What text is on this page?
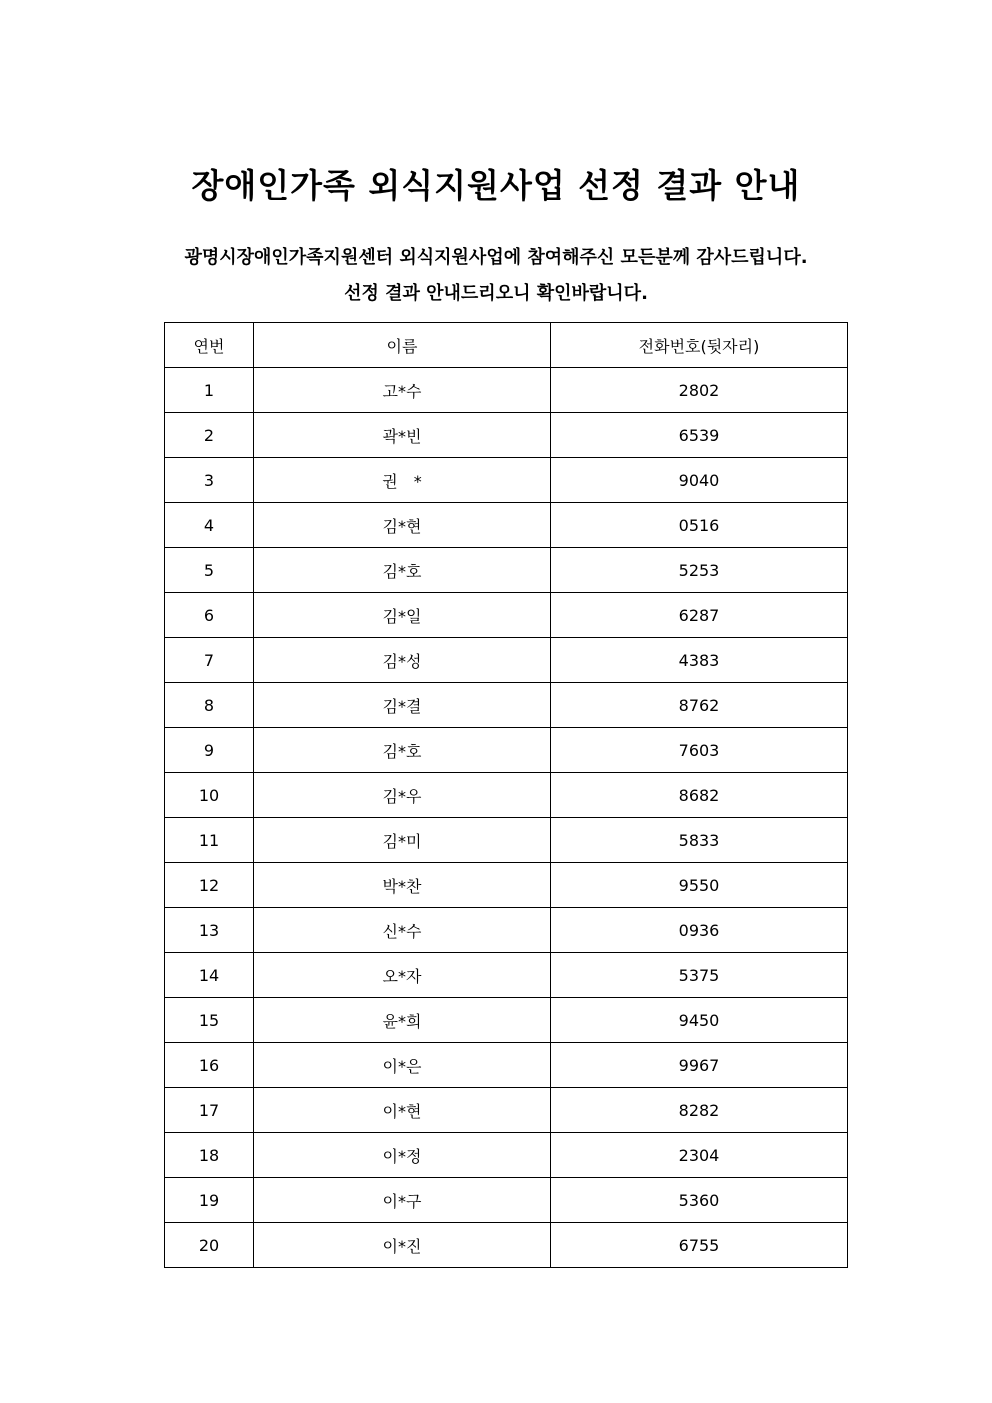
장애인가족 외식지원사업 선정 결과 안내
광명시장애인가족지원센터 외식지원사업에 참여해주신 모든분께 감사드립니다.
선정 결과 안내드리오니 확인바랍니다.
연번	이름	전화번호(뒷자리)
1	고*수	2802
2	곽*빈	6539
3	권　*	9040
4	김*현	0516
5	김*호	5253
6	김*일	6287
7	김*성	4383
8	김*결	8762
9	김*호	7603
10	김*우	8682
11	김*미	5833
12	박*찬	9550
13	신*수	0936
14	오*자	5375
15	윤*희	9450
16	이*은	9967
17	이*현	8282
18	이*정	2304
19	이*구	5360
20	이*진	6755
